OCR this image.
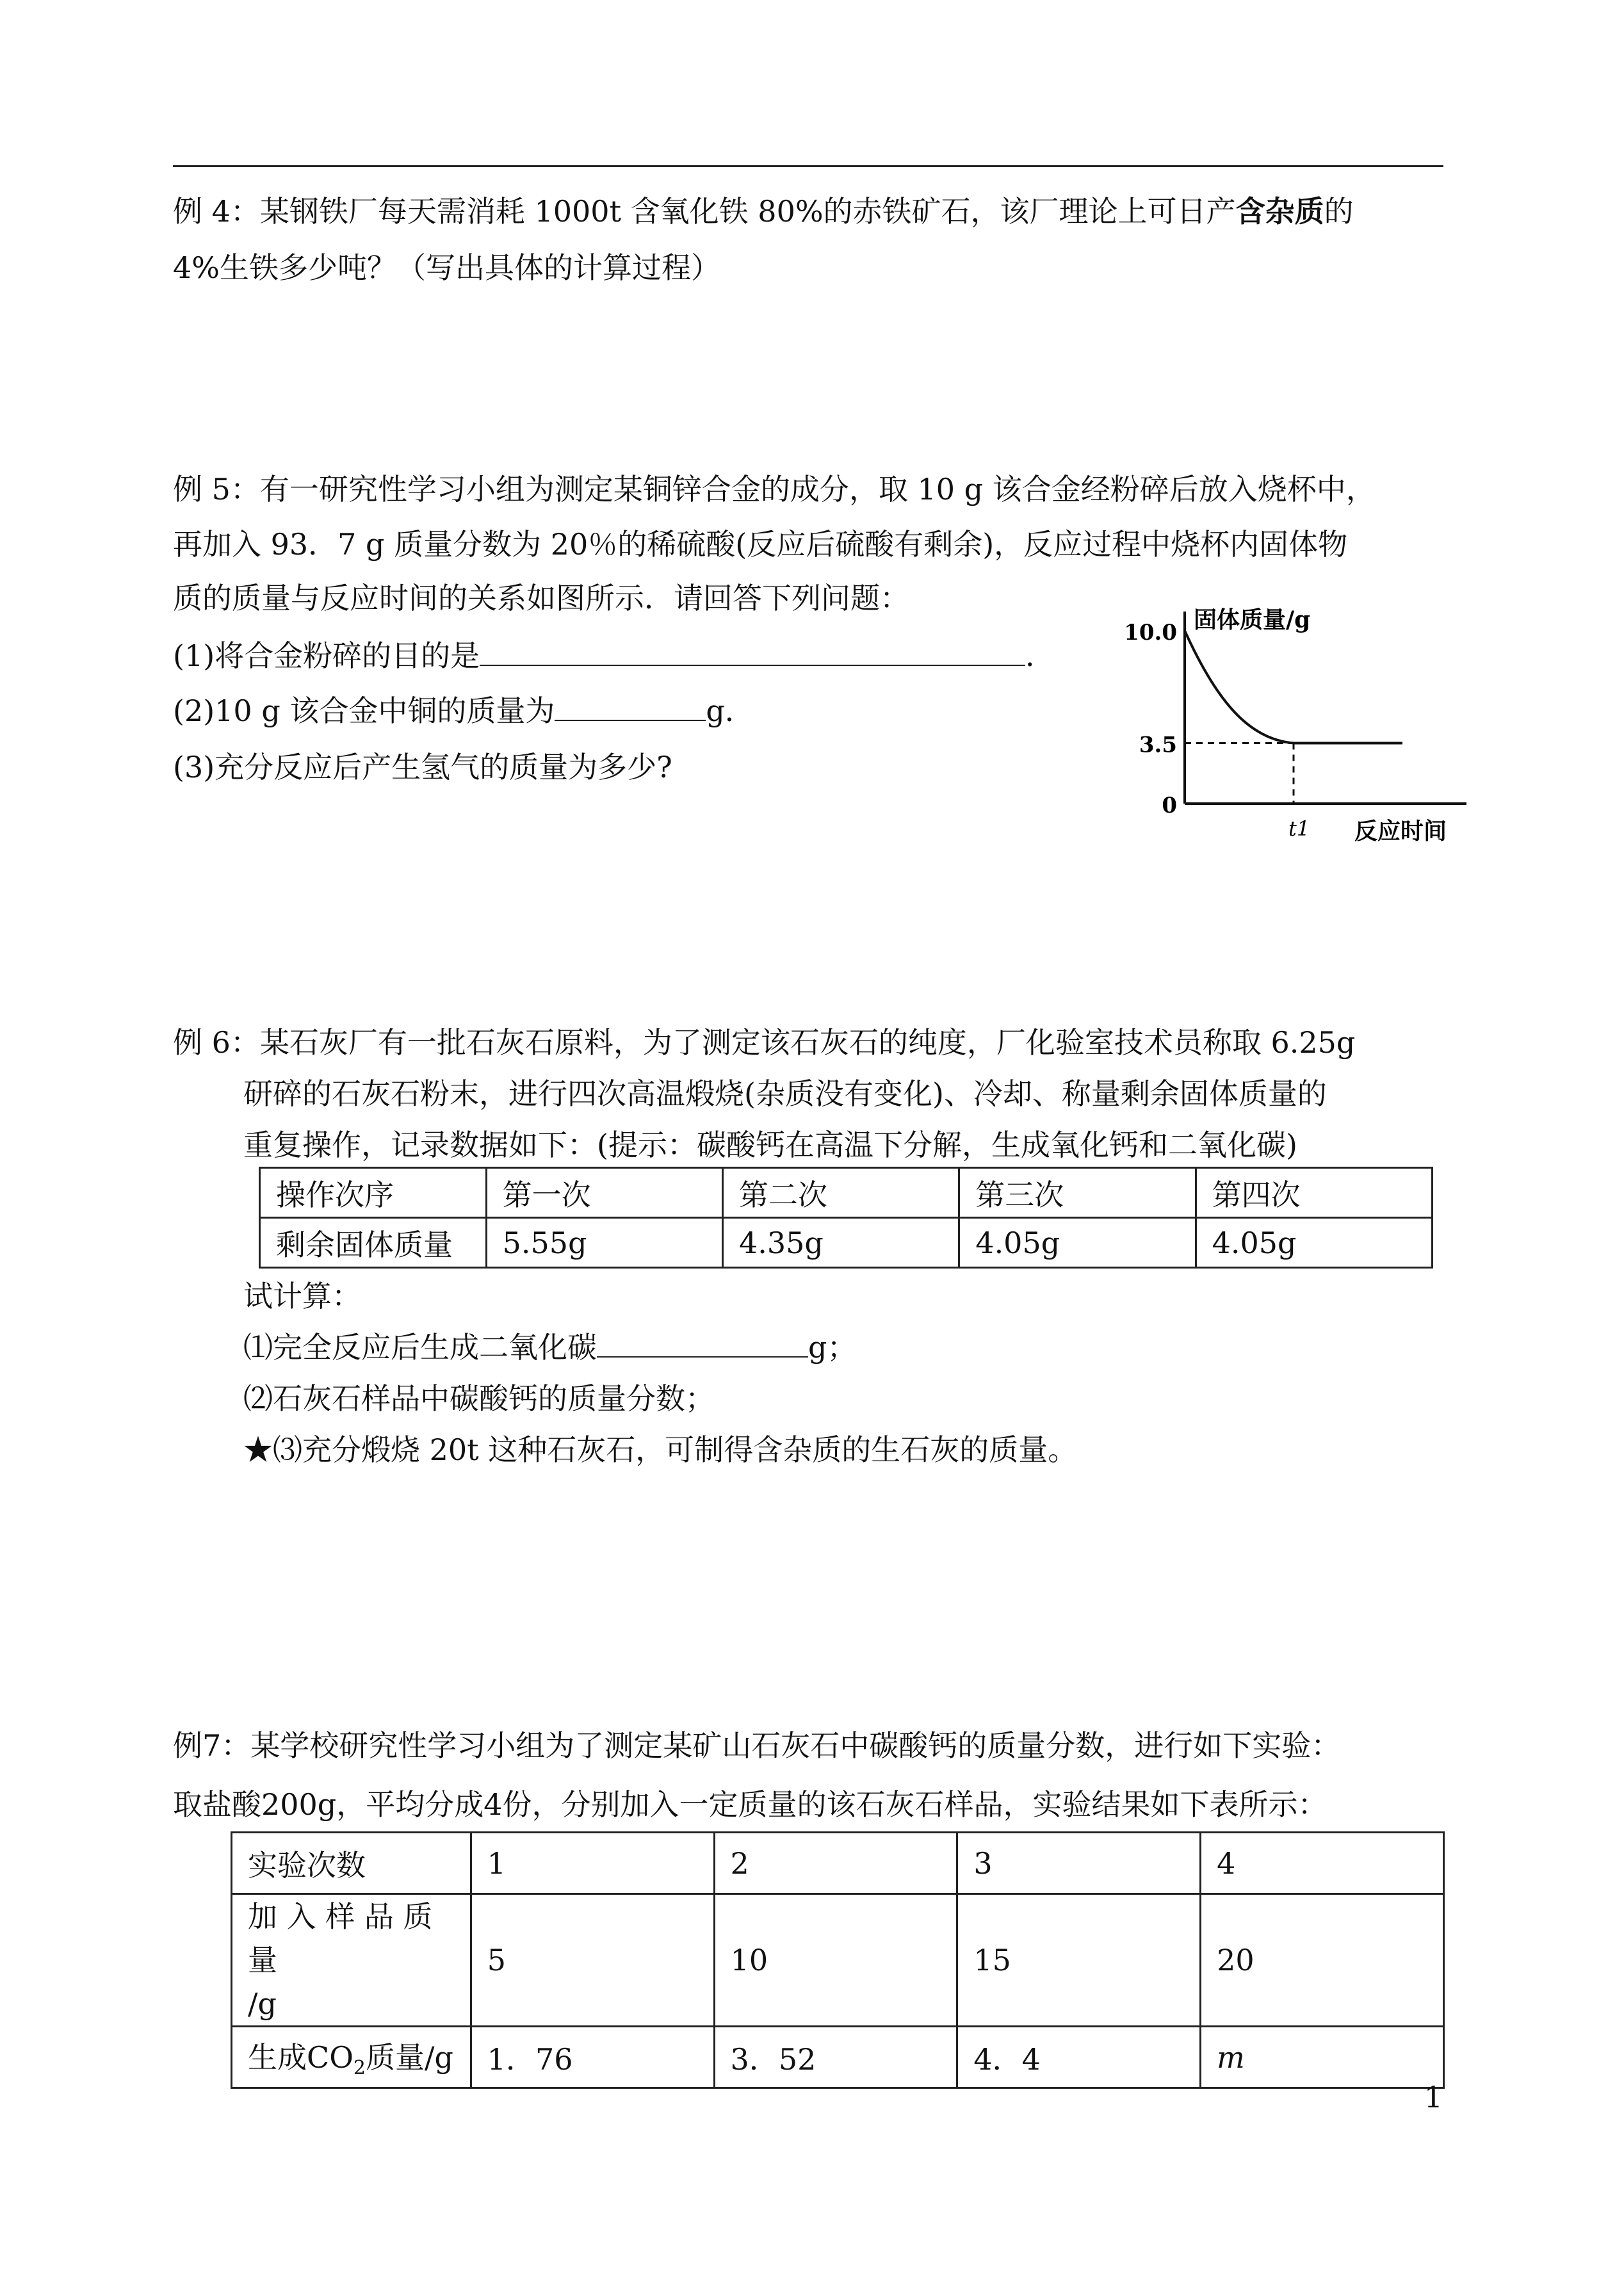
例 4：某钢铁厂每天需消耗 1000t 含氧化铁 80%的赤铁矿石，该厂理论上可日产含杂质的
4%生铁多少吨？（写出具体的计算过程）
例 5：有一研究性学习小组为测定某铜锌合金的成分，取 10 g 该合金经粉碎后放入烧杯中，
再加入 93．7 g 质量分数为 20％的稀硫酸(反应后硫酸有剩余)，反应过程中烧杯内固体物
质的质量与反应时间的关系如图所示．请回答下列问题：
(1)将合金粉碎的目的是	．
(2)10 g 该合金中铜的质量为	g．
(3)充分反应后产生氢气的质量为多少?
10.0
3.5
0
固体质量/g
t1 反应时间
例 6：某石灰厂有一批石灰石原料，为了测定该石灰石的纯度，厂化验室技术员称取 6.25g
研碎的石灰石粉末，进行四次高温煅烧(杂质没有变化)、冷却、称量剩余固体质量的
重复操作，记录数据如下：(提示：碳酸钙在高温下分解，生成氧化钙和二氧化碳)
操作次序	第一次	第二次	第三次	第四次
剩余固体质量	5.55g	4.35g	4.05g	4.05g
试计算：
⑴完全反应后生成二氧化碳	g；
⑵石灰石样品中碳酸钙的质量分数；
★⑶充分煅烧 20t 这种石灰石，可制得含杂质的生石灰的质量。
例7：某学校研究性学习小组为了测定某矿山石灰石中碳酸钙的质量分数，进行如下实验：
取盐酸200g，平均分成4份，分别加入一定质量的该石灰石样品，实验结果如下表所示：
实验次数	1	2	3	4
加 入 样 品 质 量
/g	5	10	15	20
生成$CO_2$质量/g	1．76	3．52	4．4	m
1
